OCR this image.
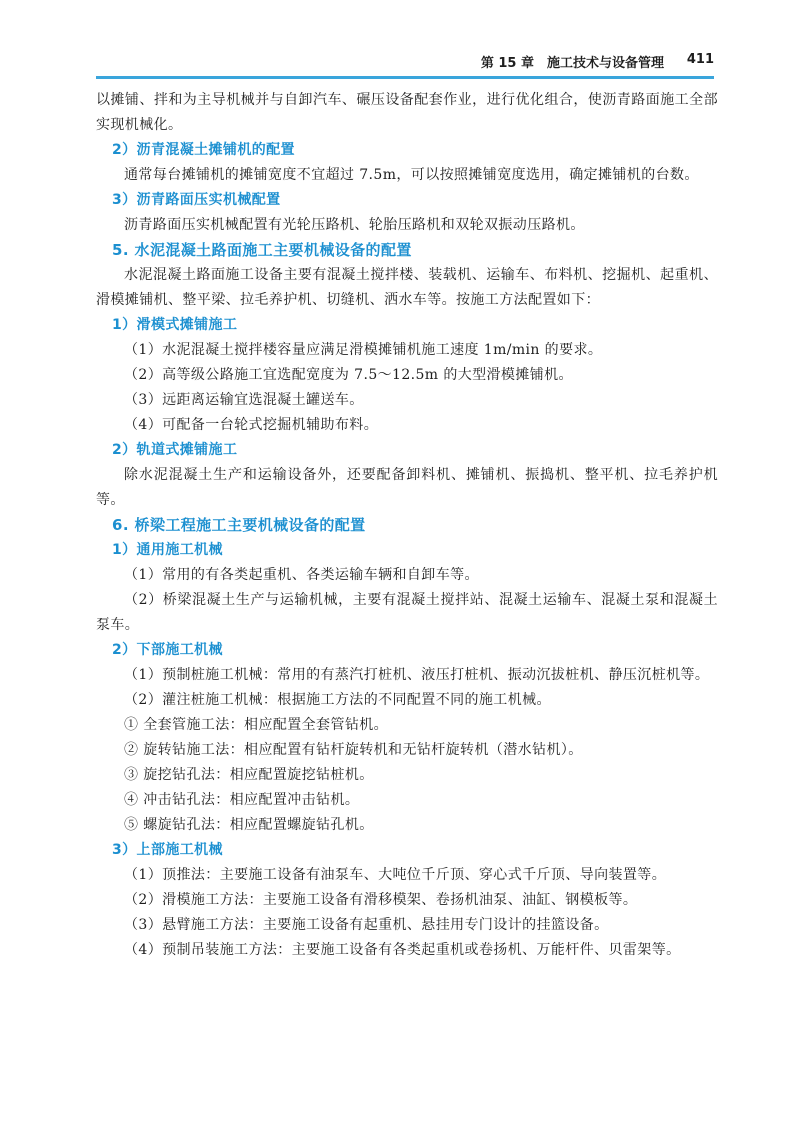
第 15 章　施工技术与设备管理 411

以摊铺、拌和为主导机械并与自卸汽车、碾压设备配套作业，进行优化组合，使沥青路面施工全部实现机械化。

2）沥青混凝土摊铺机的配置

通常每台摊铺机的摊铺宽度不宜超过 7.5m，可以按照摊铺宽度选用，确定摊铺机的台数。

3）沥青路面压实机械配置

沥青路面压实机械配置有光轮压路机、轮胎压路机和双轮双振动压路机。

5. 水泥混凝土路面施工主要机械设备的配置

水泥混凝土路面施工设备主要有混凝土搅拌楼、装载机、运输车、布料机、挖掘机、起重机、滑模摊铺机、整平梁、拉毛养护机、切缝机、洒水车等。按施工方法配置如下：

1）滑模式摊铺施工

（1）水泥混凝土搅拌楼容量应满足滑模摊铺机施工速度 1m/min 的要求。

（2）高等级公路施工宜选配宽度为 7.5～12.5m 的大型滑模摊铺机。

（3）远距离运输宜选混凝土罐送车。

（4）可配备一台轮式挖掘机辅助布料。

2）轨道式摊铺施工

除水泥混凝土生产和运输设备外，还要配备卸料机、摊铺机、振捣机、整平机、拉毛养护机等。

6. 桥梁工程施工主要机械设备的配置

1）通用施工机械

（1）常用的有各类起重机、各类运输车辆和自卸车等。

（2）桥梁混凝土生产与运输机械，主要有混凝土搅拌站、混凝土运输车、混凝土泵和混凝土泵车。

2）下部施工机械

（1）预制桩施工机械：常用的有蒸汽打桩机、液压打桩机、振动沉拔桩机、静压沉桩机等。

（2）灌注桩施工机械：根据施工方法的不同配置不同的施工机械。

① 全套管施工法：相应配置全套管钻机。

② 旋转钻施工法：相应配置有钻杆旋转机和无钻杆旋转机（潜水钻机）。

③ 旋挖钻孔法：相应配置旋挖钻桩机。

④ 冲击钻孔法：相应配置冲击钻机。

⑤ 螺旋钻孔法：相应配置螺旋钻孔机。

3）上部施工机械

（1）顶推法：主要施工设备有油泵车、大吨位千斤顶、穿心式千斤顶、导向装置等。

（2）滑模施工方法：主要施工设备有滑移模架、卷扬机油泵、油缸、钢模板等。

（3）悬臂施工方法：主要施工设备有起重机、悬挂用专门设计的挂篮设备。

（4）预制吊装施工方法：主要施工设备有各类起重机或卷扬机、万能杆件、贝雷架等。
